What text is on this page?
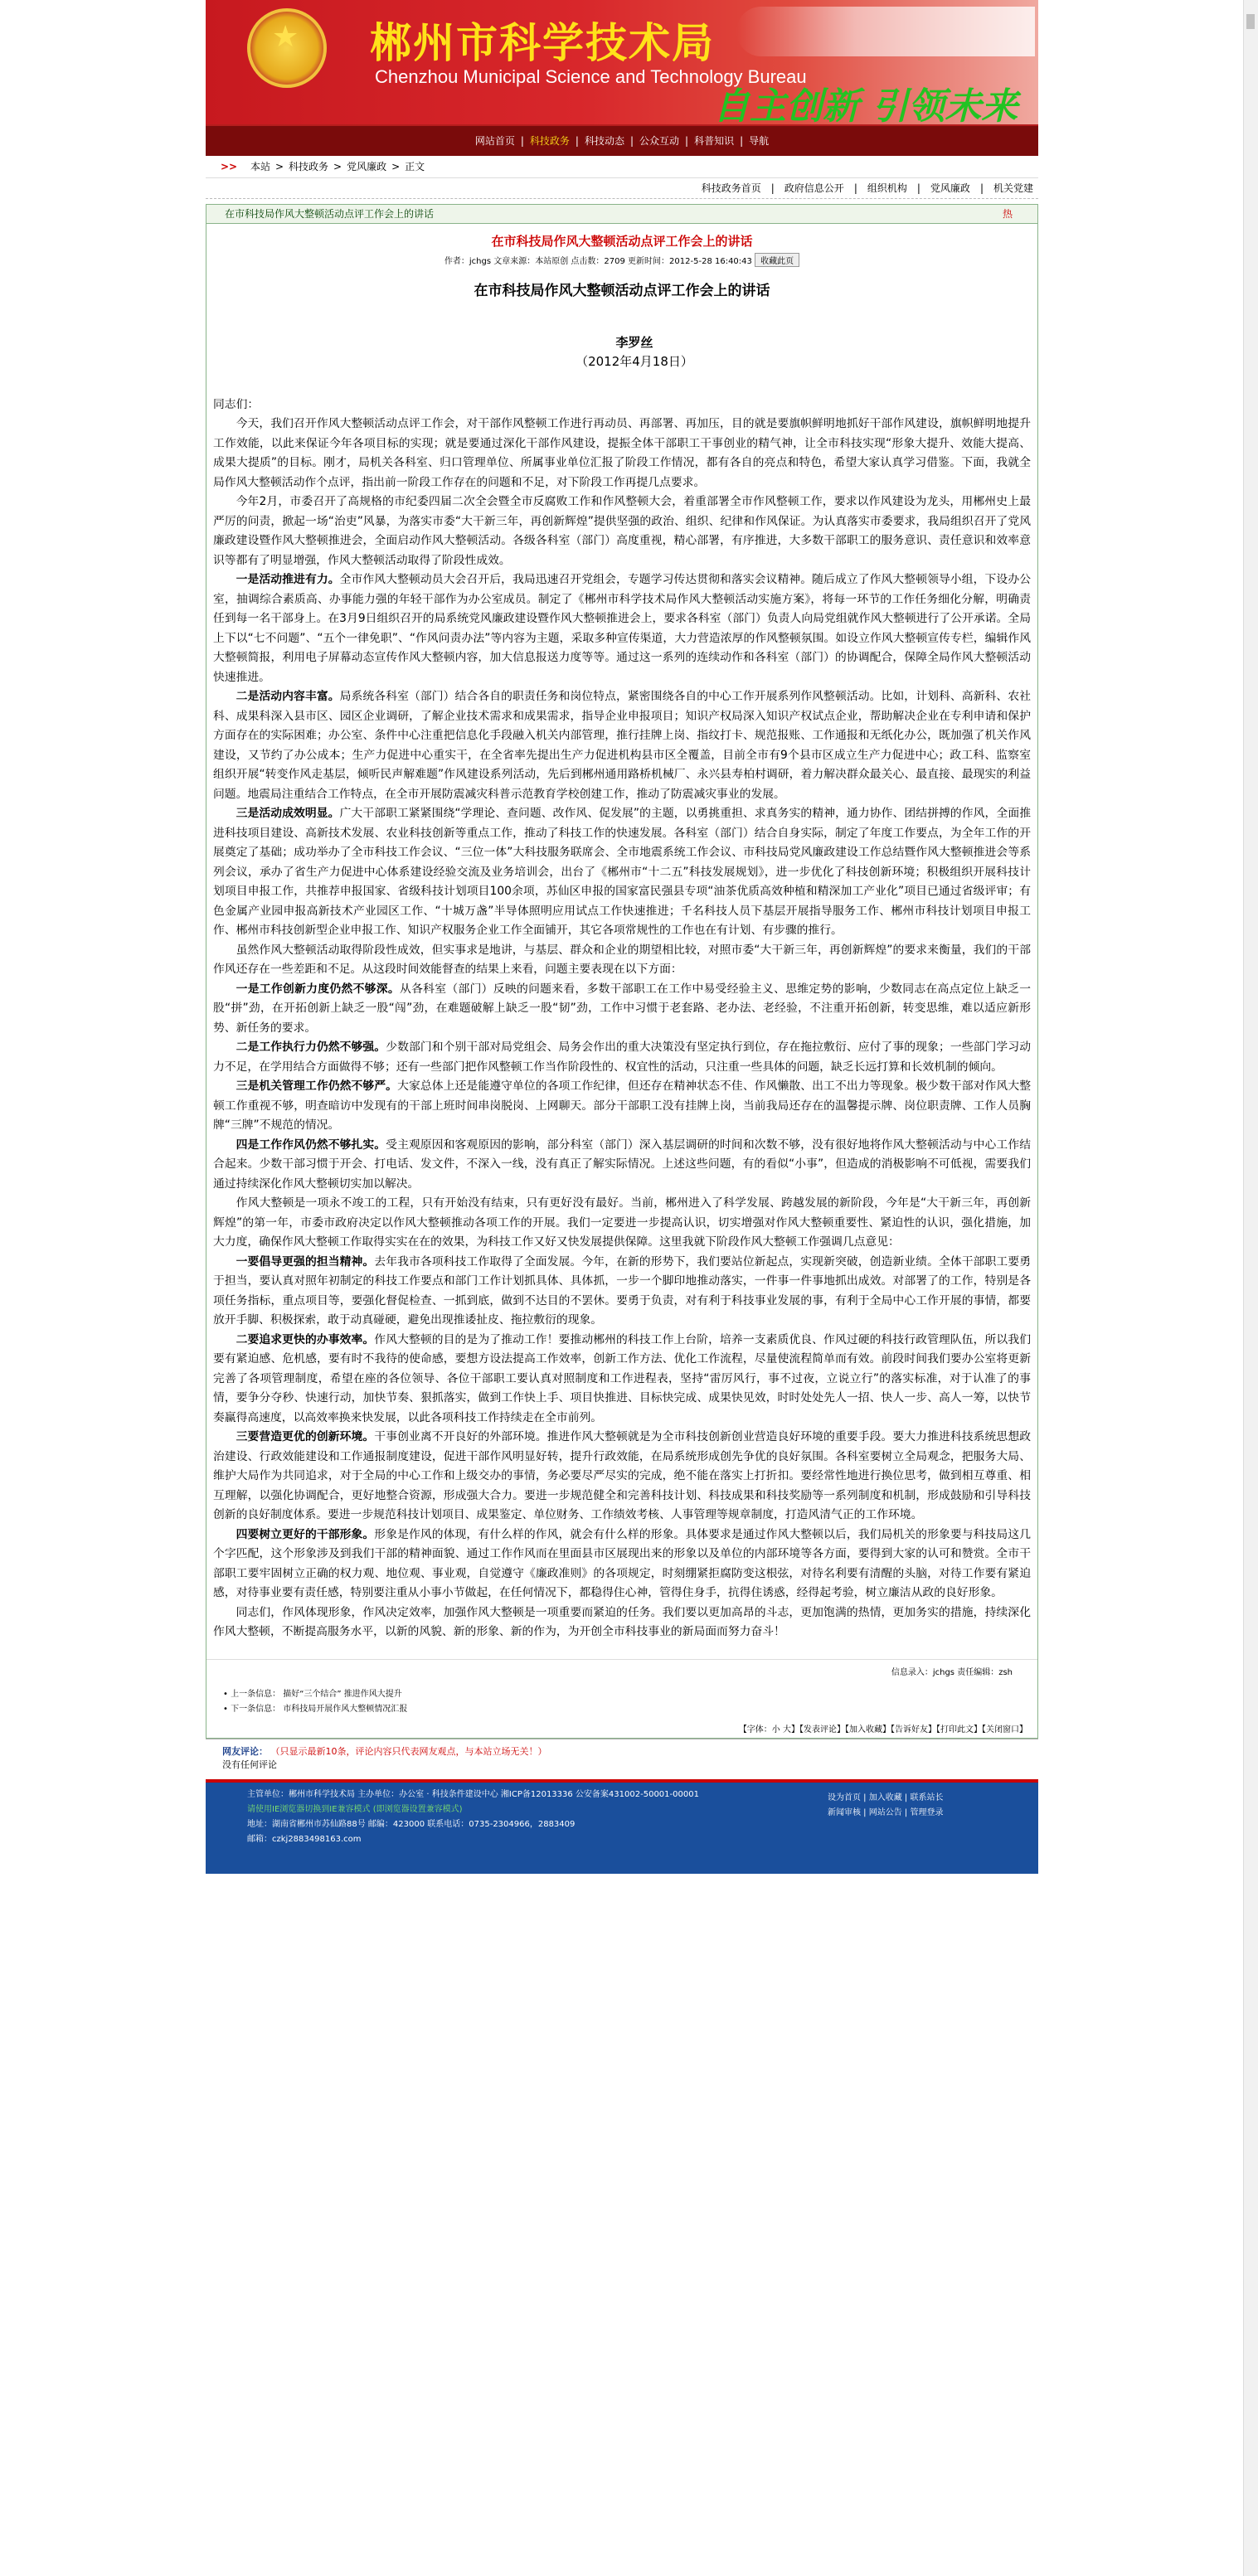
★
郴州市科学技术局
Chenzhou Municipal Science and Technology Bureau
自主创新 引领未来
网站首页 | 科技政务 | 科技动态 | 公众互动 | 科普知识 | 导航
>> 本站 > 科技政务 > 党风廉政 > 正文
科技政务首页 | 政府信息公开 | 组织机构 | 党风廉政 | 机关党建
在市科技局作风大整顿活动点评工作会上的讲话	热
在市科技局作风大整顿活动点评工作会上的讲话
作者：jchgs 文章来源：本站原创 点击数：2709 更新时间：2012-5-28 16:40:43 收藏此页
在市科技局作风大整顿活动点评工作会上的讲话

李罗丝

（2012年4月18日）

同志们：

今天，我们召开作风大整顿活动点评工作会，对干部作风整顿工作进行再动员、再部署、再加压，目的就是要旗帜鲜明地抓好干部作风建设，旗帜鲜明地提升工作效能，以此来保证今年各项目标的实现；就是要通过深化干部作风建设，提振全体干部职工干事创业的精气神，让全市科技实现“形象大提升、效能大提高、成果大提质”的目标。刚才，局机关各科室、归口管理单位、所属事业单位汇报了阶段工作情况，都有各自的亮点和特色，希望大家认真学习借鉴。下面，我就全局作风大整顿活动作个点评，指出前一阶段工作存在的问题和不足，对下阶段工作再提几点要求。

今年2月，市委召开了高规格的市纪委四届二次全会暨全市反腐败工作和作风整顿大会，着重部署全市作风整顿工作，要求以作风建设为龙头，用郴州史上最严厉的问责，掀起一场“治吏”风暴，为落实市委“大干新三年，再创新辉煌”提供坚强的政治、组织、纪律和作风保证。为认真落实市委要求，我局组织召开了党风廉政建设暨作风大整顿推进会，全面启动作风大整顿活动。各级各科室（部门）高度重视，精心部署，有序推进，大多数干部职工的服务意识、责任意识和效率意识等都有了明显增强，作风大整顿活动取得了阶段性成效。

一是活动推进有力。全市作风大整顿动员大会召开后，我局迅速召开党组会，专题学习传达贯彻和落实会议精神。随后成立了作风大整顿领导小组，下设办公室，抽调综合素质高、办事能力强的年轻干部作为办公室成员。制定了《郴州市科学技术局作风大整顿活动实施方案》，将每一环节的工作任务细化分解，明确责任到每一名干部身上。在3月9日组织召开的局系统党风廉政建设暨作风大整顿推进会上，要求各科室（部门）负责人向局党组就作风大整顿进行了公开承诺。全局上下以“七不问题”、“五个一律免职”、“作风问责办法”等内容为主题，采取多种宣传渠道，大力营造浓厚的作风整顿氛围。如设立作风大整顿宣传专栏，编辑作风大整顿简报，利用电子屏幕动态宣传作风大整顿内容，加大信息报送力度等等。通过这一系列的连续动作和各科室（部门）的协调配合，保障全局作风大整顿活动快速推进。

二是活动内容丰富。局系统各科室（部门）结合各自的职责任务和岗位特点，紧密围绕各自的中心工作开展系列作风整顿活动。比如，计划科、高新科、农社科、成果科深入县市区、园区企业调研，了解企业技术需求和成果需求，指导企业申报项目；知识产权局深入知识产权试点企业，帮助解决企业在专利申请和保护方面存在的实际困难；办公室、条件中心注重把信息化手段融入机关内部管理，推行挂牌上岗、指纹打卡、规范报账、工作通报和无纸化办公，既加强了机关作风建设，又节约了办公成本；生产力促进中心重实干，在全省率先提出生产力促进机构县市区全覆盖，目前全市有9个县市区成立生产力促进中心；政工科、监察室组织开展“转变作风走基层，倾听民声解难题”作风建设系列活动，先后到郴州通用路桥机械厂、永兴县寿柏村调研，着力解决群众最关心、最直接、最现实的利益问题。地震局注重结合工作特点，在全市开展防震减灾科普示范教育学校创建工作，推动了防震减灾事业的发展。

三是活动成效明显。广大干部职工紧紧围绕“学理论、查问题、改作风、促发展”的主题，以勇挑重担、求真务实的精神，通力协作、团结拼搏的作风，全面推进科技项目建设、高新技术发展、农业科技创新等重点工作，推动了科技工作的快速发展。各科室（部门）结合自身实际，制定了年度工作要点，为全年工作的开展奠定了基础；成功举办了全市科技工作会议、“三位一体”大科技服务联席会、全市地震系统工作会议、市科技局党风廉政建设工作总结暨作风大整顿推进会等系列会议，承办了省生产力促进中心体系建设经验交流及业务培训会，出台了《郴州市“十二五”科技发展规划》，进一步优化了科技创新环境；积极组织开展科技计划项目申报工作，共推荐申报国家、省级科技计划项目100余项，苏仙区申报的国家富民强县专项“油茶优质高效种植和精深加工产业化”项目已通过省级评审；有色金属产业园申报高新技术产业园区工作、“十城万盏”半导体照明应用试点工作快速推进；千名科技人员下基层开展指导服务工作、郴州市科技计划项目申报工作、郴州市科技创新型企业申报工作、知识产权服务企业工作全面铺开，其它各项常规性的工作也在有计划、有步骤的推行。

虽然作风大整顿活动取得阶段性成效，但实事求是地讲，与基层、群众和企业的期望相比较，对照市委“大干新三年，再创新辉煌”的要求来衡量，我们的干部作风还存在一些差距和不足。从这段时间效能督查的结果上来看，问题主要表现在以下方面：

一是工作创新力度仍然不够深。从各科室（部门）反映的问题来看，多数干部职工在工作中易受经验主义、思维定势的影响，少数同志在高点定位上缺乏一股“拼”劲，在开拓创新上缺乏一股“闯”劲，在难题破解上缺乏一股“韧”劲，工作中习惯于老套路、老办法、老经验，不注重开拓创新，转变思维，难以适应新形势、新任务的要求。

二是工作执行力仍然不够强。少数部门和个别干部对局党组会、局务会作出的重大决策没有坚定执行到位，存在拖拉敷衍、应付了事的现象；一些部门学习动力不足，在学用结合方面做得不够；还有一些部门把作风整顿工作当作阶段性的、权宜性的活动，只注重一些具体的问题，缺乏长远打算和长效机制的倾向。

三是机关管理工作仍然不够严。大家总体上还是能遵守单位的各项工作纪律，但还存在精神状态不佳、作风懒散、出工不出力等现象。极少数干部对作风大整顿工作重视不够，明查暗访中发现有的干部上班时间串岗脱岗、上网聊天。部分干部职工没有挂牌上岗，当前我局还存在的温馨提示牌、岗位职责牌、工作人员胸牌“三牌”不规范的情况。

四是工作作风仍然不够扎实。受主观原因和客观原因的影响，部分科室（部门）深入基层调研的时间和次数不够，没有很好地将作风大整顿活动与中心工作结合起来。少数干部习惯于开会、打电话、发文件，不深入一线，没有真正了解实际情况。上述这些问题，有的看似“小事”，但造成的消极影响不可低视，需要我们通过持续深化作风大整顿切实加以解决。

作风大整顿是一项永不竣工的工程，只有开始没有结束，只有更好没有最好。当前，郴州进入了科学发展、跨越发展的新阶段，今年是“大干新三年，再创新辉煌”的第一年，市委市政府决定以作风大整顿推动各项工作的开展。我们一定要进一步提高认识，切实增强对作风大整顿重要性、紧迫性的认识，强化措施，加大力度，确保作风大整顿工作取得实实在在的效果，为科技工作又好又快发展提供保障。这里我就下阶段作风大整顿工作强调几点意见：

一要倡导更强的担当精神。去年我市各项科技工作取得了全面发展。今年，在新的形势下，我们要站位新起点，实现新突破，创造新业绩。全体干部职工要勇于担当，要认真对照年初制定的科技工作要点和部门工作计划抓具体、具体抓，一步一个脚印地推动落实，一件事一件事地抓出成效。对部署了的工作，特别是各项任务指标，重点项目等，要强化督促检查、一抓到底，做到不达目的不罢休。要勇于负责，对有利于科技事业发展的事，有利于全局中心工作开展的事情，都要放开手脚、积极探索，敢于动真碰硬，避免出现推诿扯皮、拖拉敷衍的现象。

二要追求更快的办事效率。作风大整顿的目的是为了推动工作！要推动郴州的科技工作上台阶，培养一支素质优良、作风过硬的科技行政管理队伍，所以我们要有紧迫感、危机感，要有时不我待的使命感，要想方设法提高工作效率，创新工作方法、优化工作流程，尽量使流程简单而有效。前段时间我们要办公室将更新完善了各项管理制度，希望在座的各位领导、各位干部职工要认真对照制度和工作进程表，坚持“雷厉风行，事不过夜，立说立行”的落实标准，对于认准了的事情，要争分夺秒、快速行动，加快节奏、狠抓落实，做到工作快上手、项目快推进、目标快完成、成果快见效，时时处处先人一招、快人一步、高人一筹，以快节奏赢得高速度，以高效率换来快发展，以此各项科技工作持续走在全市前列。

三要营造更优的创新环境。干事创业离不开良好的外部环境。推进作风大整顿就是为全市科技创新创业营造良好环境的重要手段。要大力推进科技系统思想政治建设、行政效能建设和工作通报制度建设，促进干部作风明显好转，提升行政效能，在局系统形成创先争优的良好氛围。各科室要树立全局观念，把服务大局、维护大局作为共同追求，对于全局的中心工作和上级交办的事情，务必要尽严尽实的完成，绝不能在落实上打折扣。要经常性地进行换位思考，做到相互尊重、相互理解，以强化协调配合，更好地整合资源，形成强大合力。要进一步规范健全和完善科技计划、科技成果和科技奖励等一系列制度和机制，形成鼓励和引导科技创新的良好制度体系。要进一步规范科技计划项目、成果鉴定、单位财务、工作绩效考核、人事管理等规章制度，打造风清气正的工作环境。

四要树立更好的干部形象。形象是作风的体现，有什么样的作风，就会有什么样的形象。具体要求是通过作风大整顿以后，我们局机关的形象要与科技局这几个字匹配，这个形象涉及到我们干部的精神面貌、通过工作作风而在里面县市区展现出来的形象以及单位的内部环境等各方面，要得到大家的认可和赞赏。全市干部职工要牢固树立正确的权力观、地位观、事业观，自觉遵守《廉政准则》的各项规定，时刻绷紧拒腐防变这根弦，对待名利要有清醒的头脑，对待工作要有紧迫感，对待事业要有责任感，特别要注重从小事小节做起，在任何情况下，都稳得住心神，管得住身手，抗得住诱惑，经得起考验，树立廉洁从政的良好形象。

同志们，作风体现形象，作风决定效率，加强作风大整顿是一项重要而紧迫的任务。我们要以更加高昂的斗志，更加饱满的热情，更加务实的措施，持续深化作风大整顿，不断提高服务水平，以新的风貌、新的形象、新的作为，为开创全市科技事业的新局面而努力奋斗！

信息录入：jchgs 责任编辑：zsh
• 上一条信息： 描好“三个结合” 推进作风大提升
• 下一条信息： 市科技局开展作风大整顿情况汇报
【字体：小 大】【发表评论】【加入收藏】【告诉好友】【打印此文】【关闭窗口】
网友评论： （只显示最新10条，评论内容只代表网友观点，与本站立场无关！）
没有任何评论
主管单位：郴州市科学技术局 主办单位：办公室 · 科技条件建设中心 湘ICP备12013336 公安备案431002-50001-00001
请使用IE浏览器切换到IE兼容模式 (即浏览器设置兼容模式)
地址：湖南省郴州市苏仙路88号 邮编：423000 联系电话：0735-2304966，2883409
邮箱：czkj2883498163.com
设为首页 | 加入收藏 | 联系站长
新闻审核 | 网站公告 | 管理登录
